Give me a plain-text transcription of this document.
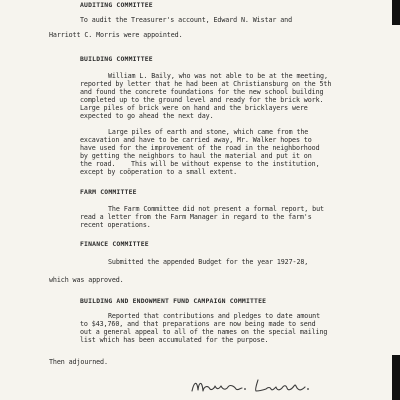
AUDITING COMMITTEE
To audit the Treasurer's account, Edward N. Wistar and
Harriott C. Morris were appointed.
BUILDING COMMITTEE
William L. Baily, who was not able to be at the meeting,
reported by letter that he had been at Christiansburg on the 5th
and found the concrete foundations for the new school building
completed up to the ground level and ready for the brick work.
Large piles of brick were on hand and the bricklayers were
expected to go ahead the next day.
Large piles of earth and stone, which came from the
excavation and have to be carried away, Mr. Walker hopes to
have used for the improvement of the road in the neighborhood
by getting the neighbors to haul the material and put it on
the road.    This will be without expense to the institution,
except by coöperation to a small extent.
FARM COMMITTEE
The Farm Committee did not present a formal report, but
read a letter from the Farm Manager in regard to the farm's
recent operations.
FINANCE COMMITTEE
Submitted the appended Budget for the year 1927-28,
which was approved.
BUILDING AND ENDOWMENT FUND CAMPAIGN COMMITTEE
Reported that contributions and pledges to date amount
to $43,760, and that preparations are now being made to send
out a general appeal to all of the names on the special mailing
list which has been accumulated for the purpose.
Then adjourned.
